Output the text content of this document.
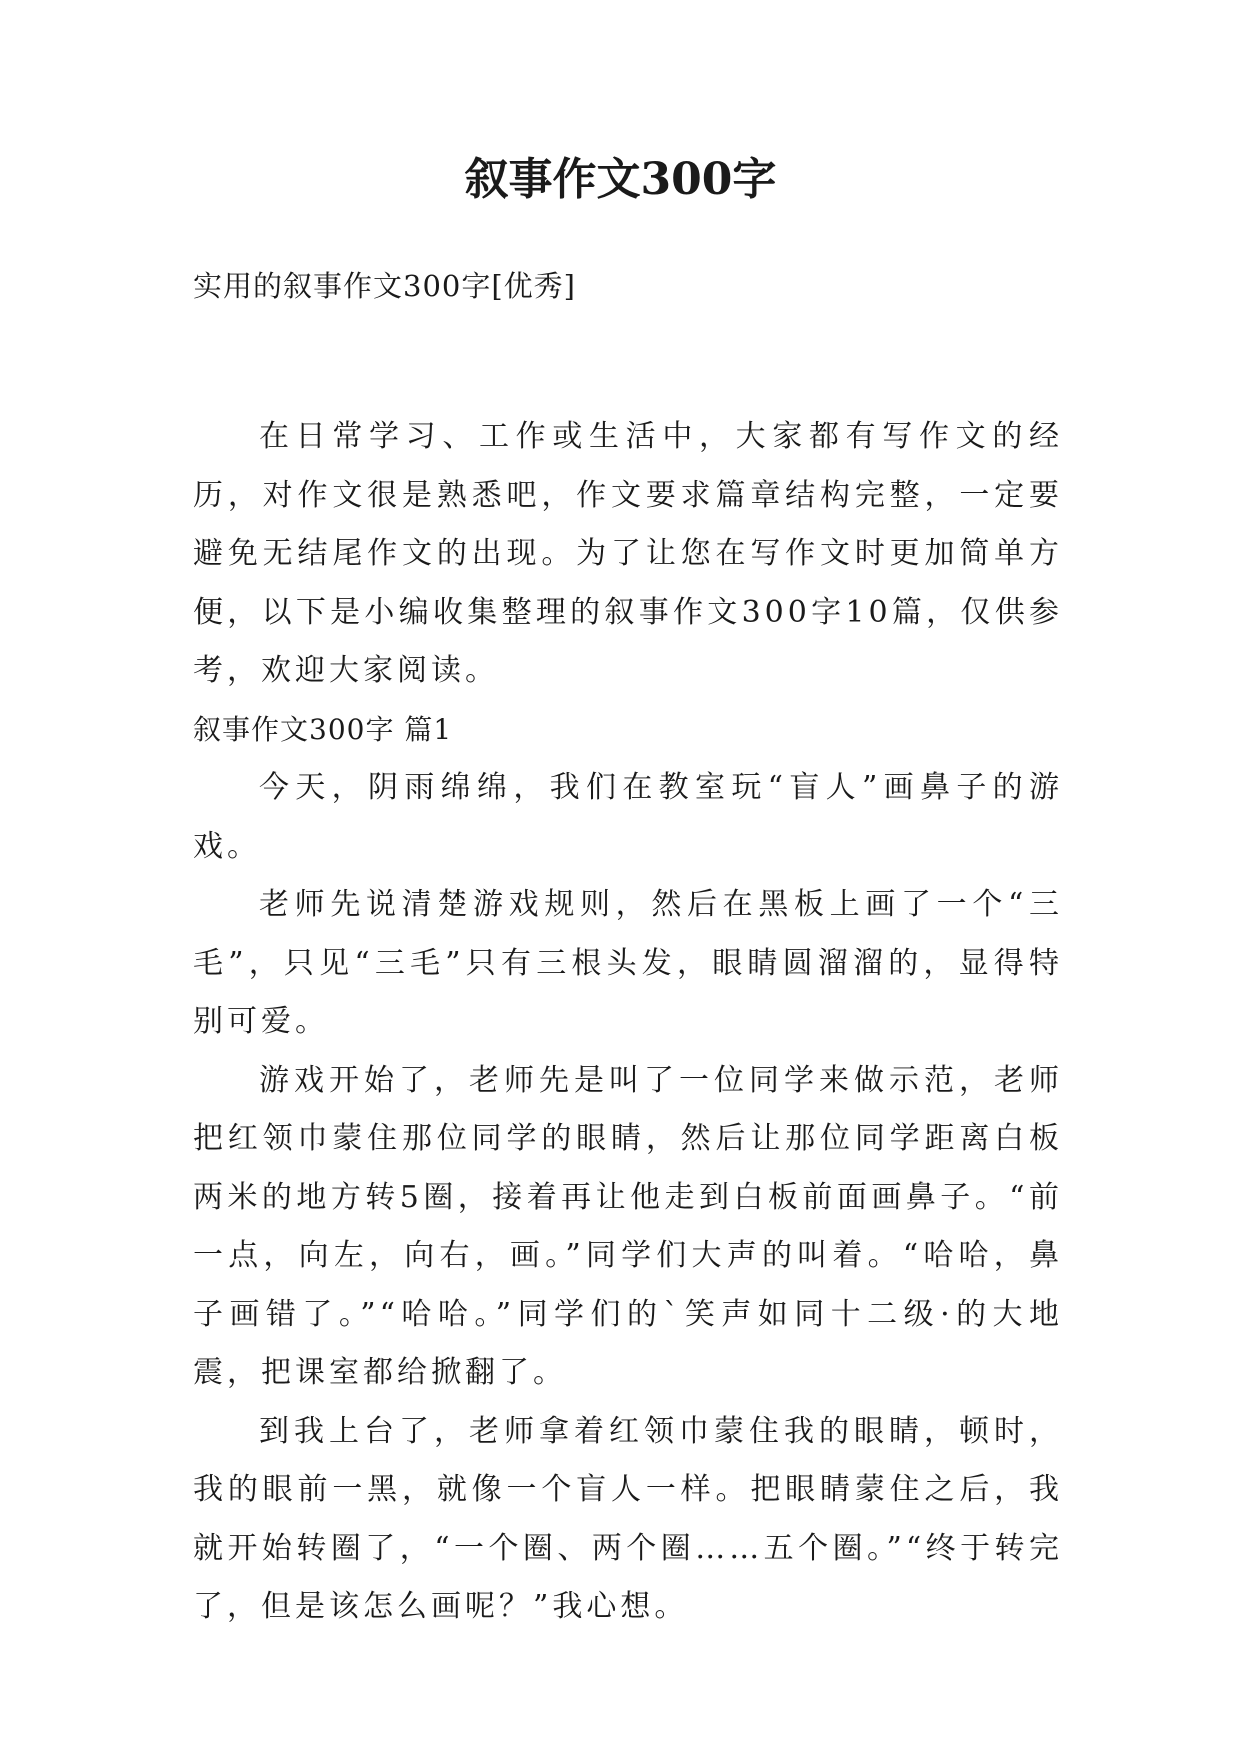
叙事作文300字

实用的叙事作文300字[优秀]

在日常学习、工作或生活中，大家都有写作文的经历，对作文很是熟悉吧，作文要求篇章结构完整，一定要避免无结尾作文的出现。为了让您在写作文时更加简单方便，以下是小编收集整理的叙事作文300字10篇，仅供参考，欢迎大家阅读。

叙事作文300字 篇1

今天，阴雨绵绵，我们在教室玩“盲人”画鼻子的游戏。

老师先说清楚游戏规则，然后在黑板上画了一个“三毛”，只见“三毛”只有三根头发，眼睛圆溜溜的，显得特别可爱。

游戏开始了，老师先是叫了一位同学来做示范，老师把红领巾蒙住那位同学的眼睛，然后让那位同学距离白板两米的地方转5圈，接着再让他走到白板前面画鼻子。“前一点，向左，向右，画。”同学们大声的叫着。“哈哈，鼻子画错了。”“哈哈。”同学们的`笑声如同十二级·的大地震，把课室都给掀翻了。

到我上台了，老师拿着红领巾蒙住我的眼睛，顿时，我的眼前一黑，就像一个盲人一样。把眼睛蒙住之后，我就开始转圈了，“一个圈、两个圈……五个圈。”“终于转完了，但是该怎么画呢？”我心想。
